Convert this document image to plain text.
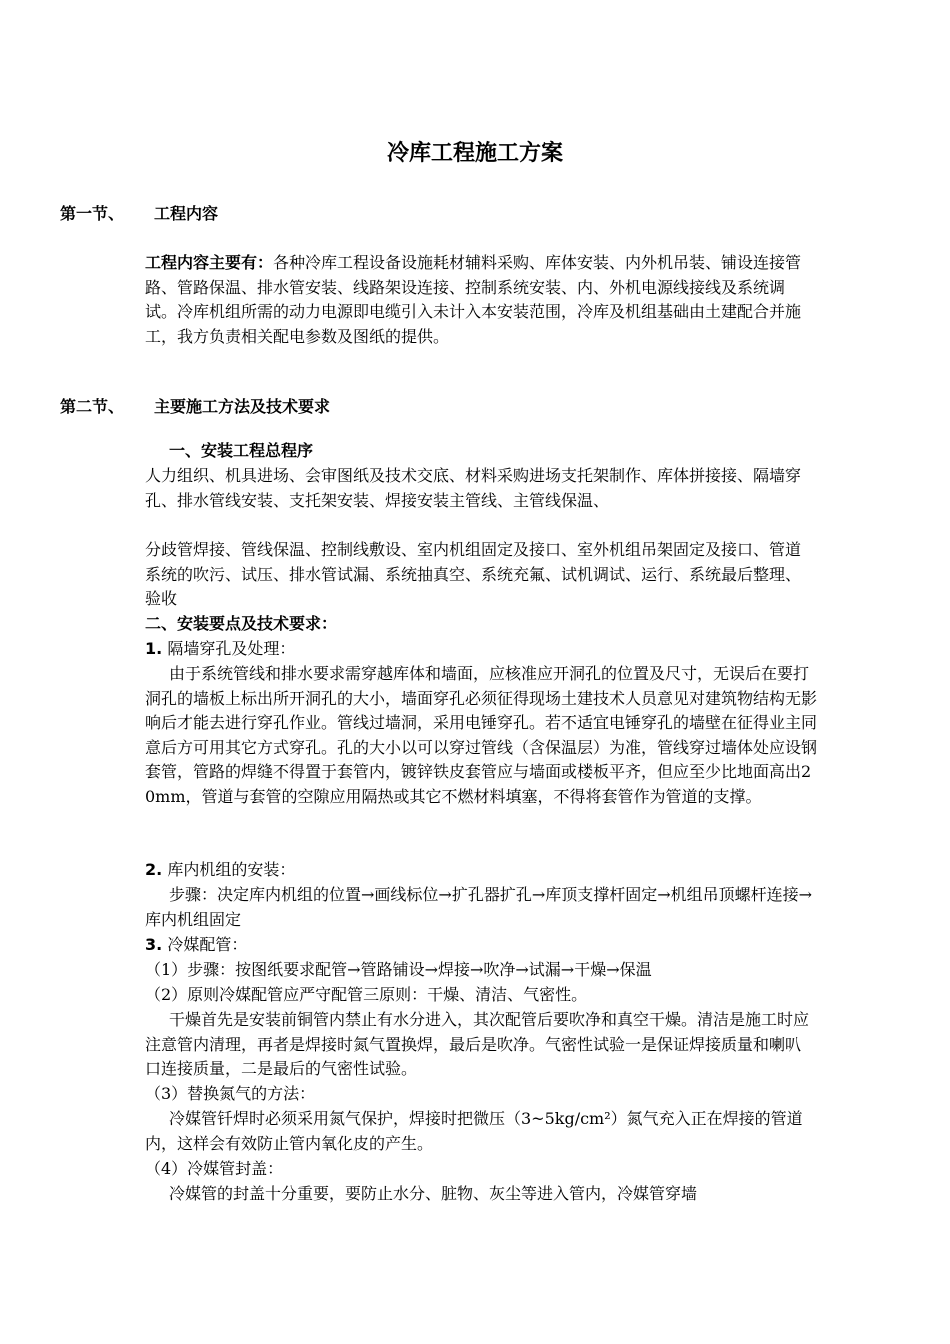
冷库工程施工方案

第一节、 工程内容

工程内容主要有：各种冷库工程设备设施耗材辅料采购、库体安装、内外机吊装、铺设连接管路、管路保温、排水管安装、线路架设连接、控制系统安装、内、外机电源线接线及系统调试。冷库机组所需的动力电源即电缆引入未计入本安装范围，冷库及机组基础由土建配合并施工，我方负责相关配电参数及图纸的提供。

第二节、 主要施工方法及技术要求

一、安装工程总程序

人力组织、机具进场、会审图纸及技术交底、材料采购进场支托架制作、库体拼接接、隔墙穿孔、排水管线安装、支托架安装、焊接安装主管线、主管线保温、

分歧管焊接、管线保温、控制线敷设、室内机组固定及接口、室外机组吊架固定及接口、管道系统的吹污、试压、排水管试漏、系统抽真空、系统充氟、试机调试、运行、系统最后整理、验收

二、安装要点及技术要求：

1. 隔墙穿孔及处理：

由于系统管线和排水要求需穿越库体和墙面，应核准应开洞孔的位置及尺寸，无误后在要打洞孔的墙板上标出所开洞孔的大小，墙面穿孔必须征得现场土建技术人员意见对建筑物结构无影响后才能去进行穿孔作业。管线过墙洞，采用电锤穿孔。若不适宜电锤穿孔的墙壁在征得业主同意后方可用其它方式穿孔。孔的大小以可以穿过管线（含保温层）为准，管线穿过墙体处应设钢套管，管路的焊缝不得置于套管内，镀锌铁皮套管应与墙面或楼板平齐，但应至少比地面高出20mm，管道与套管的空隙应用隔热或其它不燃材料填塞，不得将套管作为管道的支撑。

2. 库内机组的安装：

步骤：决定库内机组的位置→画线标位→扩孔器扩孔→库顶支撑杆固定→机组吊顶螺杆连接→库内机组固定

3. 冷媒配管：

（1）步骤：按图纸要求配管→管路铺设→焊接→吹净→试漏→干燥→保温

（2）原则冷媒配管应严守配管三原则：干燥、清洁、气密性。

干燥首先是安装前铜管内禁止有水分进入，其次配管后要吹净和真空干燥。清洁是施工时应注意管内清理，再者是焊接时氮气置换焊，最后是吹净。气密性试验一是保证焊接质量和喇叭口连接质量，二是最后的气密性试验。

（3）替换氮气的方法：

冷媒管钎焊时必须采用氮气保护，焊接时把微压（3~5kg/cm²）氮气充入正在焊接的管道内，这样会有效防止管内氧化皮的产生。

（4）冷媒管封盖：

冷媒管的封盖十分重要，要防止水分、脏物、灰尘等进入管内，冷媒管穿墙
